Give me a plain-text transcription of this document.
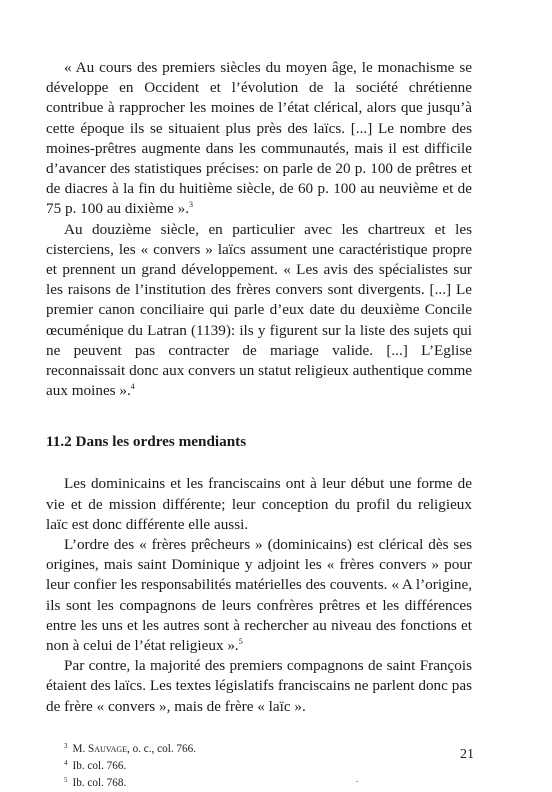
« Au cours des premiers siècles du moyen âge, le monachisme se développe en Occident et l’évolution de la société chrétienne contribue à rapprocher les moines de l’état clérical, alors que jusqu’à cette époque ils se situaient plus près des laïcs. [...] Le nombre des moines-prêtres augmente dans les communautés, mais il est difficile d’avancer des statistiques précises: on parle de 20 p. 100 de prêtres et de diacres à la fin du huitième siècle, de 60 p. 100 au neuvième et de 75 p. 100 au dixième ».$^3$

Au douzième siècle, en particulier avec les chartreux et les cisterciens, les « convers » laïcs assument une caractéristique propre et prennent un grand développement. « Les avis des spécialistes sur les raisons de l’institution des frères convers sont divergents. [...] Le premier canon conciliaire qui parle d’eux date du deuxième Concile œcuménique du Latran (1139): ils y figurent sur la liste des sujets qui ne peuvent pas contracter de mariage valide. [...] L’Eglise reconnaissait donc aux convers un statut religieux authentique comme aux moines ».$^4$

11.2 Dans les ordres mendiants

Les dominicains et les franciscains ont à leur début une forme de vie et de mission différente; leur conception du profil du religieux laïc est donc différente elle aussi.

L’ordre des « frères prêcheurs » (dominicains) est clérical dès ses origines, mais saint Dominique y adjoint les « frères convers » pour leur confier les responsabilités matérielles des couvents. « A l’origine, ils sont les compagnons de leurs confrères prêtres et les différences entre les uns et les autres sont à rechercher au niveau des fonctions et non à celui de l’état religieux ».$^5$

Par contre, la majorité des premiers compagnons de saint François étaient des laïcs. Les textes législatifs franciscains ne parlent donc pas de frère « convers », mais de frère « laïc ».

$^3$ M. Sauvage, o. c., col. 766.

$^4$ Ib. col. 766.

$^5$ Ib. col. 768.

21
